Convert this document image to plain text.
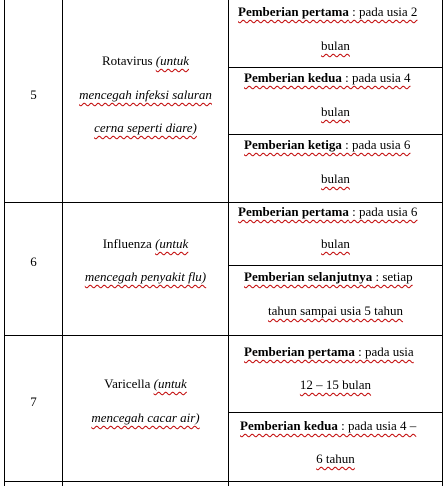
5
Rotavirus (untuk
mencegah infeksi saluran
cerna seperti diare)
Pemberian pertama : pada usia 2
bulan
Pemberian kedua : pada usia 4
bulan
Pemberian ketiga : pada usia 6
bulan
6
Influenza (untuk
mencegah penyakit flu)
Pemberian pertama : pada usia 6
bulan
Pemberian selanjutnya : setiap
tahun sampai usia 5 tahun
7
Varicella (untuk
mencegah cacar air)
Pemberian pertama : pada usia
12 – 15 bulan
Pemberian kedua : pada usia 4 –
6 tahun
